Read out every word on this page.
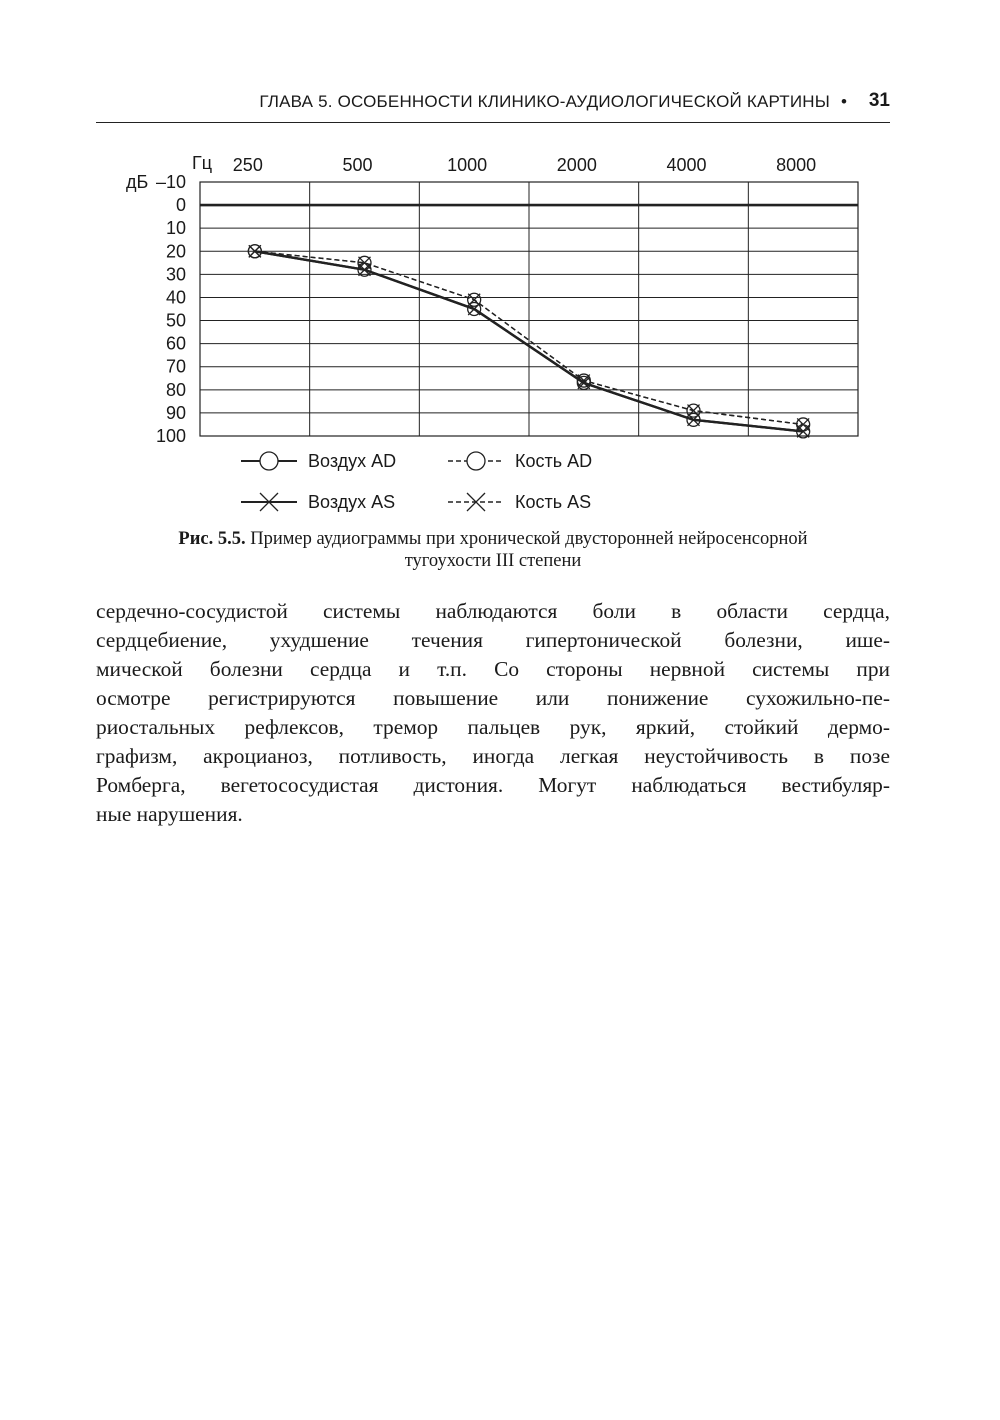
ГЛАВА 5. ОСОБЕННОСТИ КЛИНИКО-АУДИОЛОГИЧЕСКОЙ КАРТИНЫ • 31
Гц
дБ
250	500	1000	2000	4000	8000
–10
0
10
20
30
40
50
60
70
80
90
100
Воздух AD	Кость AD
Воздух AS	Кость AS
Рис. 5.5. Пример аудиограммы при хронической двусторонней нейросенсорной
тугоухости III степени
сердечно-сосудистой системы наблюдаются боли в области сердца,
сердцебиение, ухудшение течения гипертонической болезни, ише-
мической болезни сердца и т.п. Со стороны нервной системы при
осмотре регистрируются повышение или понижение сухожильно-пе-
риостальных рефлексов, тремор пальцев рук, яркий, стойкий дермо-
графизм, акроцианоз, потливость, иногда легкая неустойчивость в позе
Ромберга, вегетососудистая дистония. Могут наблюдаться вестибуляр-
ные нарушения.
